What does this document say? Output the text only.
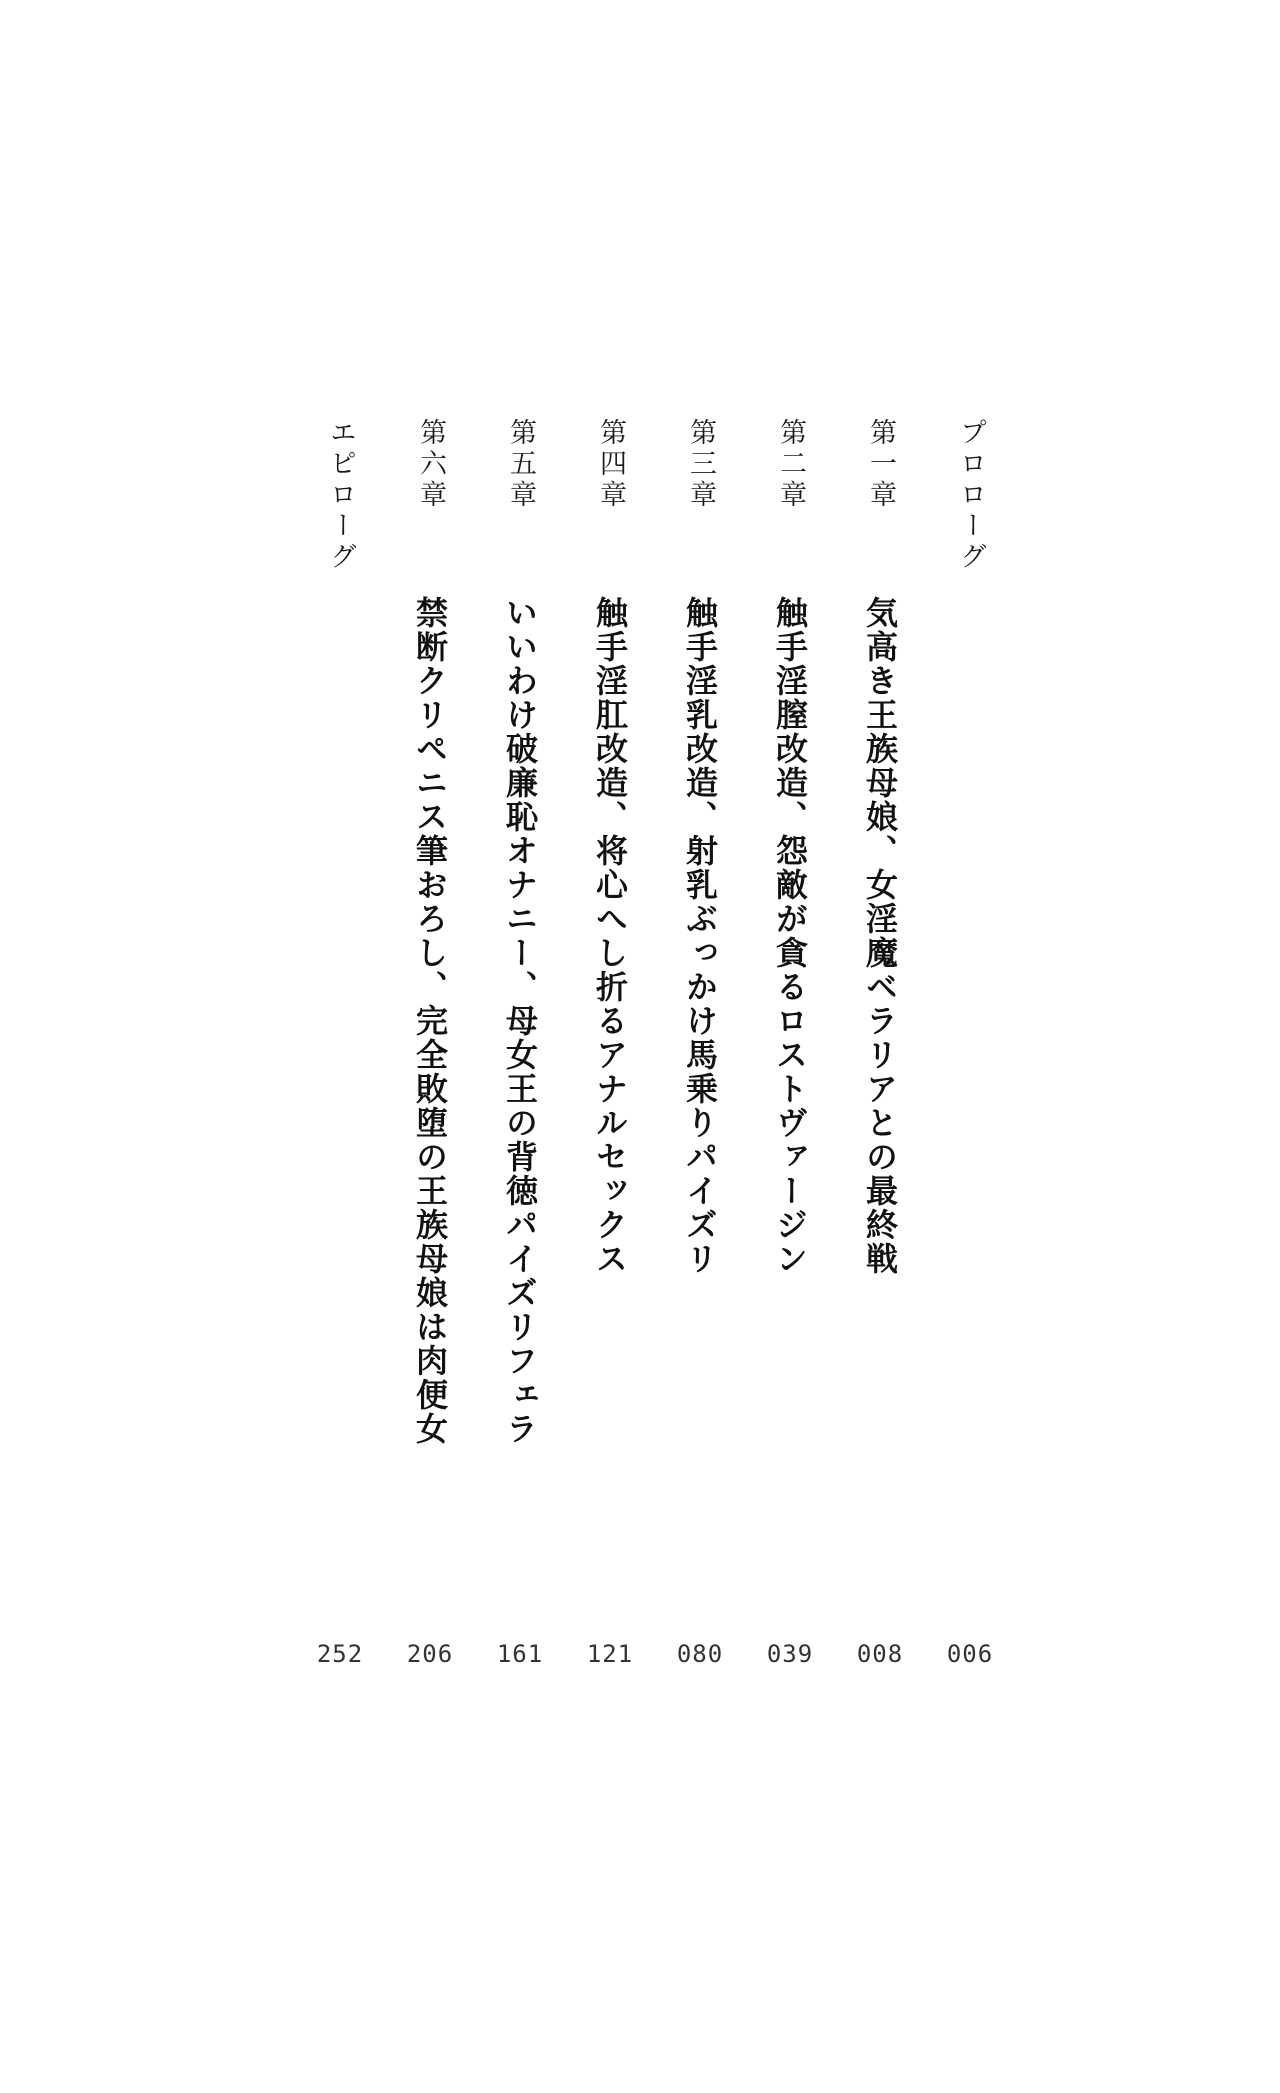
プロローグ
006
第一章
気高き王族母娘、女淫魔ベラリアとの最終戦
008
第二章
触手淫膣改造、怨敵が貪るロストヴァージン
039
第三章
触手淫乳改造、射乳ぶっかけ馬乗りパイズリ
080
第四章
触手淫肛改造、将心へし折るアナルセックス
121
第五章
いいわけ破廉恥オナニー、母女王の背徳パイズリフェラ
161
第六章
禁断クリペニス筆おろし、完全敗堕の王族母娘は肉便女
206
エピローグ
252
